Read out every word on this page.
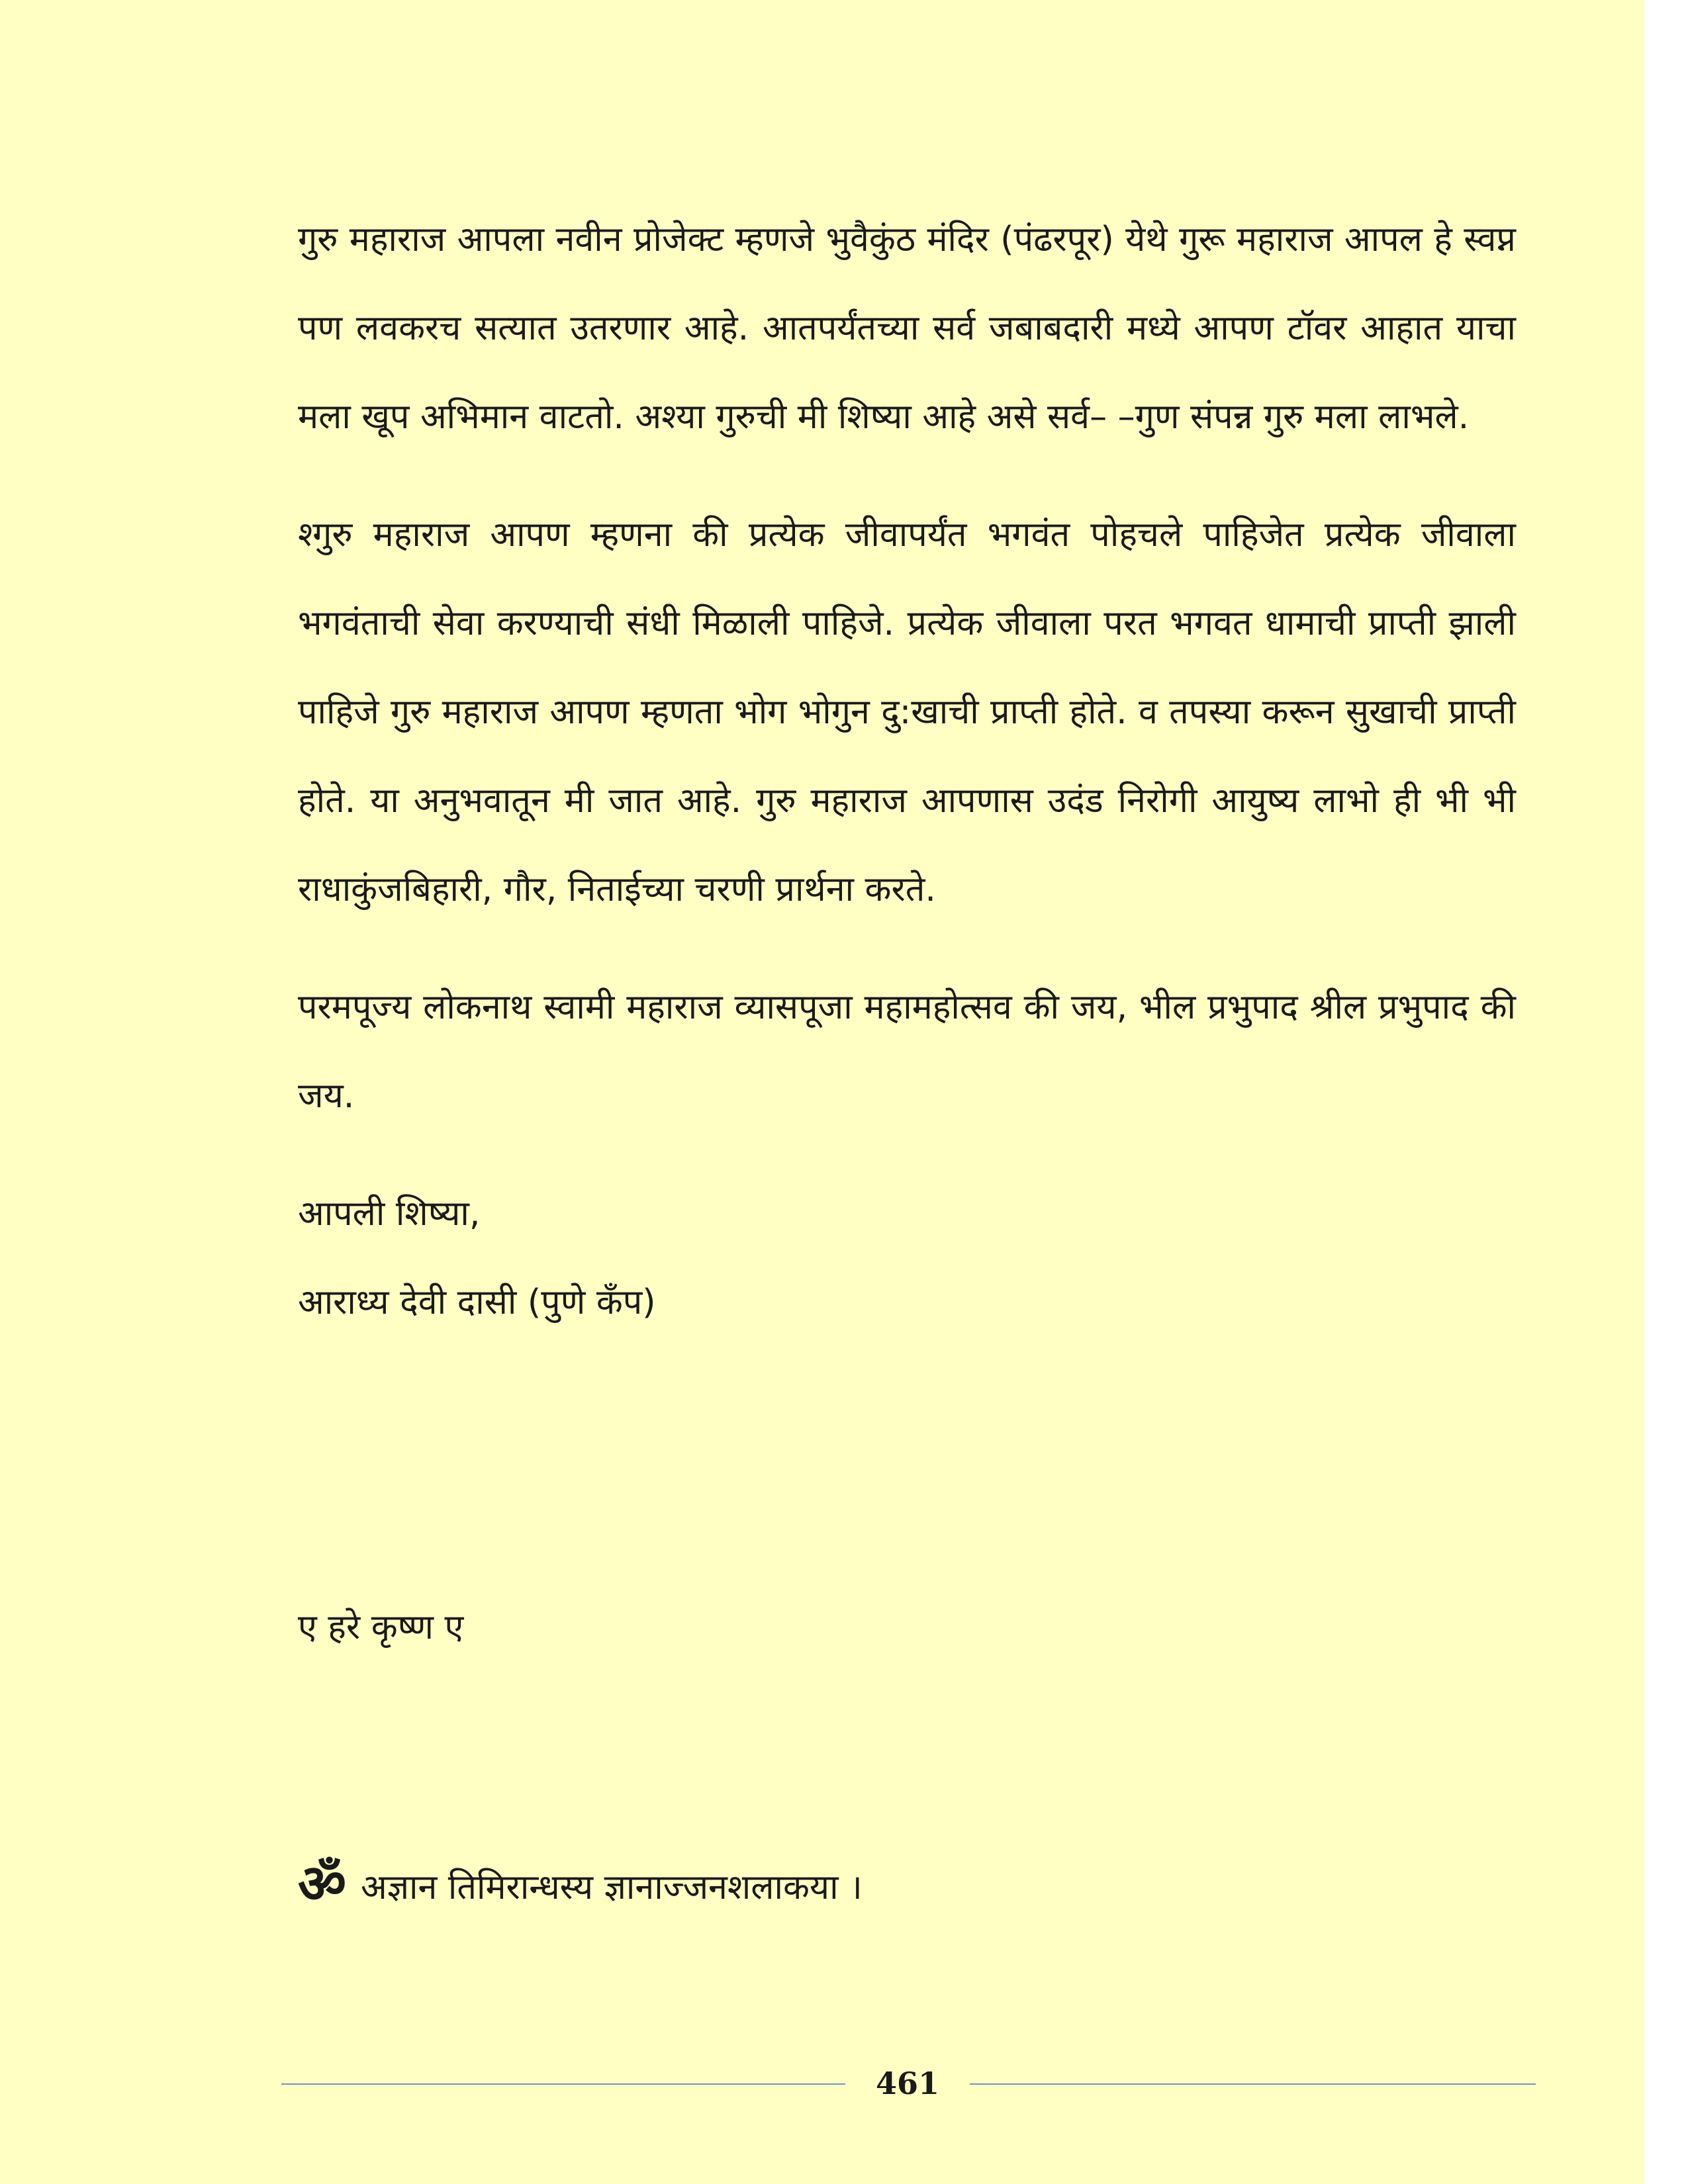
गुरु महाराज आपला नवीन प्रोजेक्ट म्हणजे भुवैकुंठ मंदिर (पंढरपूर) येथे गुरू महाराज आपल हे स्वप्न पण लवकरच सत्यात उतरणार आहे. आतपर्यंतच्या सर्व जबाबदारी मध्ये आपण टॉवर आहात याचा मला खूप अभिमान वाटतो. अश्या गुरुची मी शिष्या आहे असे सर्व– –गुण संपन्न गुरु मला लाभले.

श्गुरु महाराज आपण म्हणना की प्रत्येक जीवापर्यंत भगवंत पोहचले पाहिजेत प्रत्येक जीवाला भगवंताची सेवा करण्याची संधी मिळाली पाहिजे. प्रत्येक जीवाला परत भगवत धामाची प्राप्ती झाली पाहिजे गुरु महाराज आपण म्हणता भोग भोगुन दु:खाची प्राप्ती होते. व तपस्या करून सुखाची प्राप्ती होते. या अनुभवातून मी जात आहे. गुरु महाराज आपणास उदंड निरोगी आयुष्य लाभो ही भी भी राधाकुंजबिहारी, गौर, निताईच्या चरणी प्रार्थना करते.

परमपूज्य लोकनाथ स्वामी महाराज व्यासपूजा महामहोत्सव की जय, भील प्रभुपाद श्रील प्रभुपाद की जय.

आपली शिष्या,

आराध्य देवी दासी (पुणे कँप)

ए हरे कृष्ण ए
ॐ अज्ञान तिमिरान्धस्य ज्ञानाज्जनशलाकया ।
461
